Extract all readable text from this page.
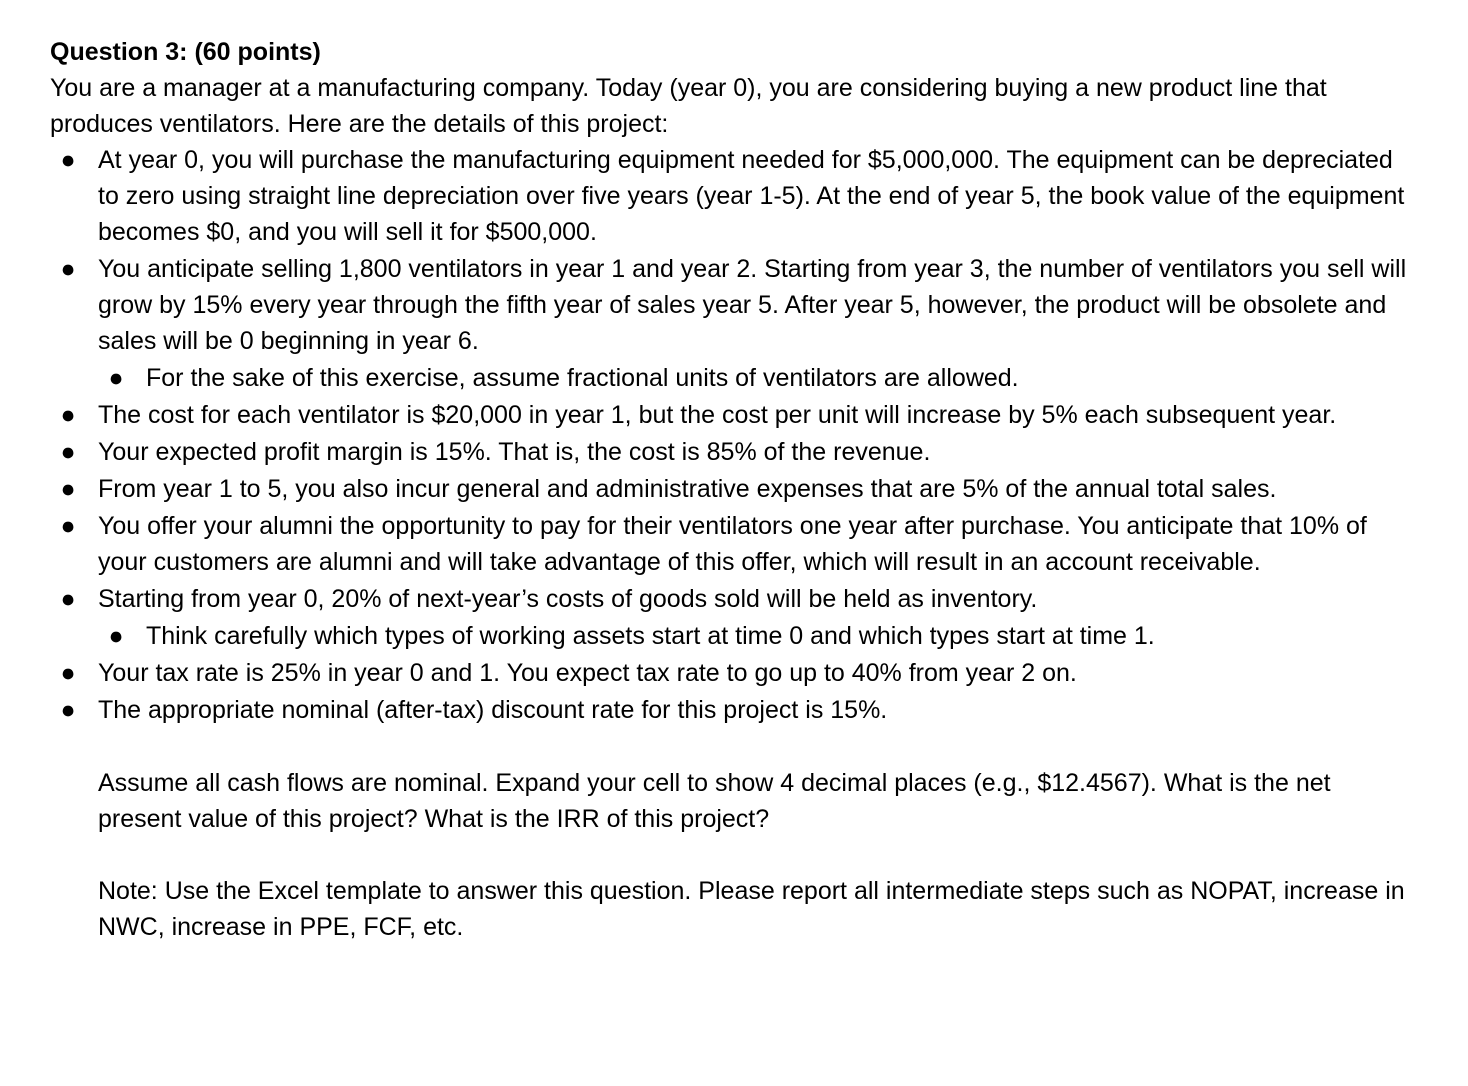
Question 3: (60 points)

You are a manager at a manufacturing company. Today (year 0), you are considering buying a new product line that produces ventilators. Here are the details of this project:

● At year 0, you will purchase the manufacturing equipment needed for $5,000,000. The equipment can be depreciated to zero using straight line depreciation over five years (year 1-5). At the end of year 5, the book value of the equipment becomes $0, and you will sell it for $500,000.
● You anticipate selling 1,800 ventilators in year 1 and year 2. Starting from year 3, the number of ventilators you sell will grow by 15% every year through the fifth year of sales year 5. After year 5, however, the product will be obsolete and sales will be 0 beginning in year 6.
● For the sake of this exercise, assume fractional units of ventilators are allowed.
● The cost for each ventilator is $20,000 in year 1, but the cost per unit will increase by 5% each subsequent year.
● Your expected profit margin is 15%. That is, the cost is 85% of the revenue.
● From year 1 to 5, you also incur general and administrative expenses that are 5% of the annual total sales.
● You offer your alumni the opportunity to pay for their ventilators one year after purchase. You anticipate that 10% of your customers are alumni and will take advantage of this offer, which will result in an account receivable.
● Starting from year 0, 20% of next-year’s costs of goods sold will be held as inventory.
● Think carefully which types of working assets start at time 0 and which types start at time 1.
● Your tax rate is 25% in year 0 and 1. You expect tax rate to go up to 40% from year 2 on.
● The appropriate nominal (after-tax) discount rate for this project is 15%.

Assume all cash flows are nominal. Expand your cell to show 4 decimal places (e.g., $12.4567). What is the net present value of this project? What is the IRR of this project?

Note: Use the Excel template to answer this question. Please report all intermediate steps such as NOPAT, increase in NWC, increase in PPE, FCF, etc.
